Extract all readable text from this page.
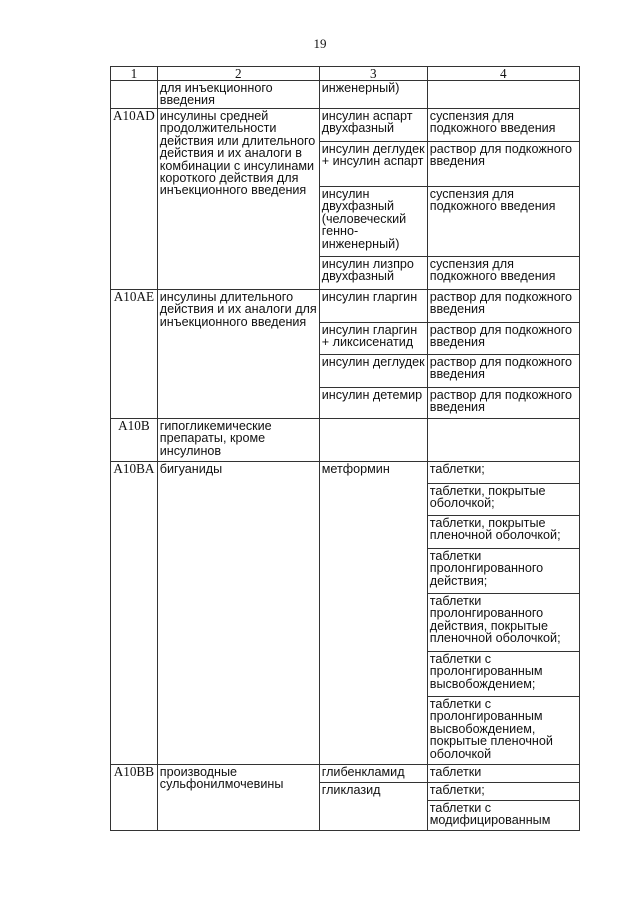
19
1	2	3	4
	для инъекционного введения	инженерный)	
A10AD	инсулины средней продолжительности действия или длительного действия и их аналоги в комбинации с инсулинами короткого действия для инъекционного введения	инсулин аспарт двухфазный	суспензия для подкожного введения
		инсулин деглудек + инсулин аспарт	раствор для подкожного введения
		инсулин двухфазный (человеческий генно-инженерный)	суспензия для подкожного введения
		инсулин лизпро двухфазный	суспензия для подкожного введения
A10AE	инсулины длительного действия и их аналоги для инъекционного введения	инсулин гларгин	раствор для подкожного введения
		инсулин гларгин + ликсисенатид	раствор для подкожного введения
		инсулин деглудек	раствор для подкожного введения
		инсулин детемир	раствор для подкожного введения
A10B	гипогликемические препараты, кроме инсулинов		
A10BA	бигуаниды	метформин	таблетки;
			таблетки, покрытые оболочкой;
			таблетки, покрытые пленочной оболочкой;
			таблетки пролонгированного действия;
			таблетки пролонгированного действия, покрытые пленочной оболочкой;
			таблетки с пролонгированным высвобождением;
			таблетки с пролонгированным высвобождением, покрытые пленочной оболочкой
A10BB	производные сульфонилмочевины	глибенкламид	таблетки
		гликлазид	таблетки;
			таблетки с модифицированным
